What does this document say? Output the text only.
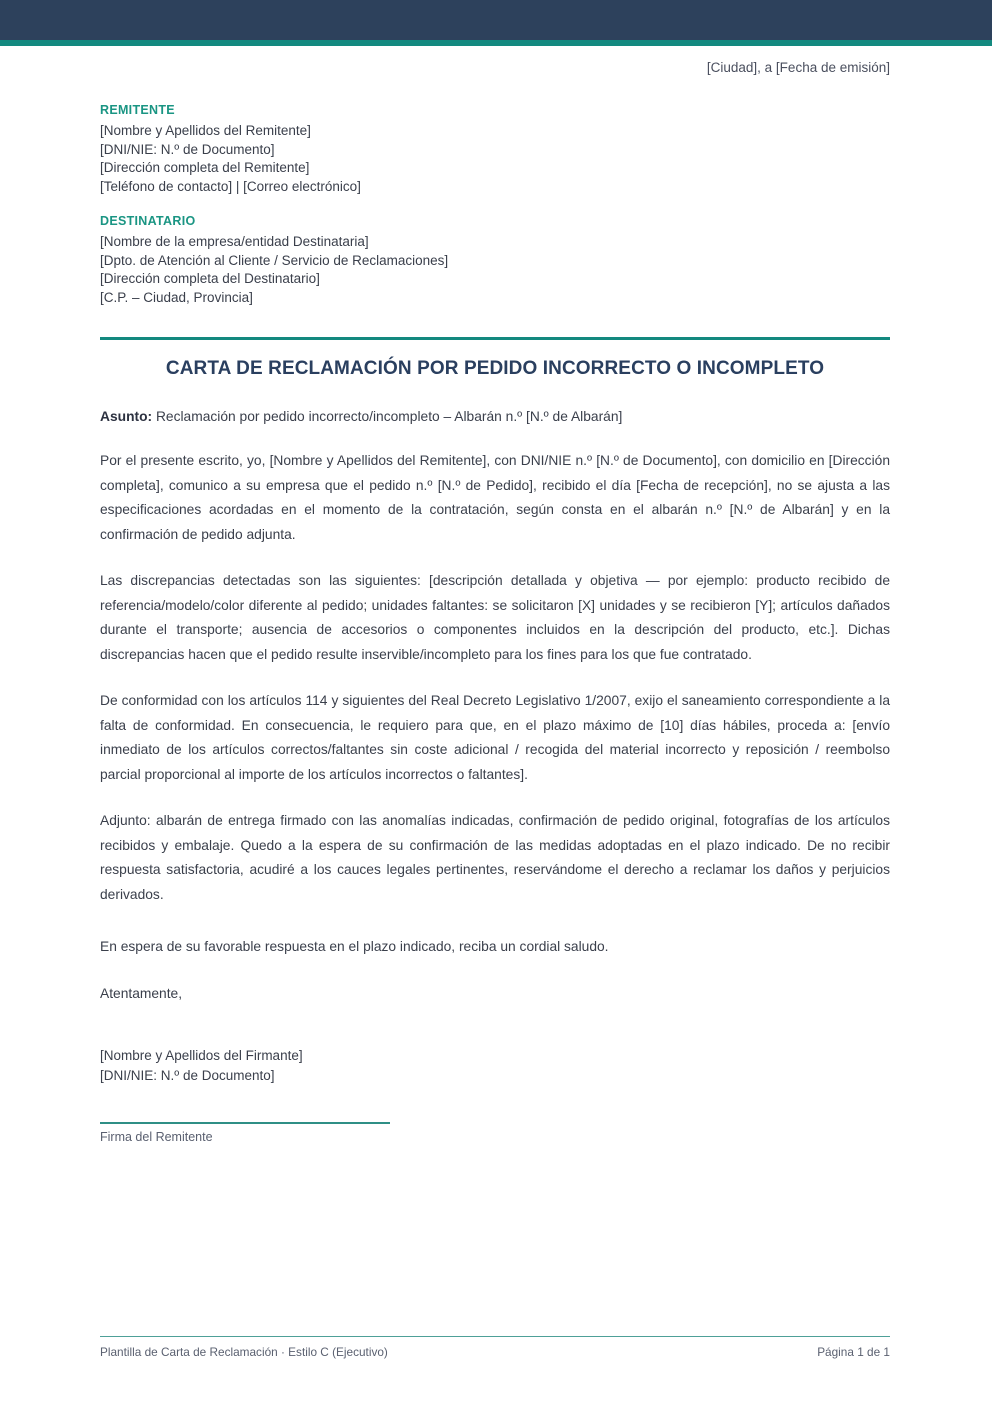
[Ciudad], a [Fecha de emisión]
REMITENTE
[Nombre y Apellidos del Remitente]
[DNI/NIE: N.º de Documento]
[Dirección completa del Remitente]
[Teléfono de contacto] | [Correo electrónico]
DESTINATARIO
[Nombre de la empresa/entidad Destinataria]
[Dpto. de Atención al Cliente / Servicio de Reclamaciones]
[Dirección completa del Destinatario]
[C.P. – Ciudad, Provincia]
CARTA DE RECLAMACIÓN POR PEDIDO INCORRECTO O INCOMPLETO
Asunto: Reclamación por pedido incorrecto/incompleto – Albarán n.º [N.º de Albarán]

Por el presente escrito, yo, [Nombre y Apellidos del Remitente], con DNI/NIE n.º [N.º de Documento], con domicilio en [Dirección completa], comunico a su empresa que el pedido n.º [N.º de Pedido], recibido el día [Fecha de recepción], no se ajusta a las especificaciones acordadas en el momento de la contratación, según consta en el albarán n.º [N.º de Albarán] y en la confirmación de pedido adjunta.

Las discrepancias detectadas son las siguientes: [descripción detallada y objetiva — por ejemplo: producto recibido de referencia/modelo/color diferente al pedido; unidades faltantes: se solicitaron [X] unidades y se recibieron [Y]; artículos dañados durante el transporte; ausencia de accesorios o componentes incluidos en la descripción del producto, etc.]. Dichas discrepancias hacen que el pedido resulte inservible/incompleto para los fines para los que fue contratado.

De conformidad con los artículos 114 y siguientes del Real Decreto Legislativo 1/2007, exijo el saneamiento correspondiente a la falta de conformidad. En consecuencia, le requiero para que, en el plazo máximo de [10] días hábiles, proceda a: [envío inmediato de los artículos correctos/faltantes sin coste adicional / recogida del material incorrecto y reposición / reembolso parcial proporcional al importe de los artículos incorrectos o faltantes].

Adjunto: albarán de entrega firmado con las anomalías indicadas, confirmación de pedido original, fotografías de los artículos recibidos y embalaje. Quedo a la espera de su confirmación de las medidas adoptadas en el plazo indicado. De no recibir respuesta satisfactoria, acudiré a los cauces legales pertinentes, reservándome el derecho a reclamar los daños y perjuicios derivados.

En espera de su favorable respuesta en el plazo indicado, reciba un cordial saludo.
Atentamente,
[Nombre y Apellidos del Firmante]
[DNI/NIE: N.º de Documento]
Firma del Remitente
Plantilla de Carta de Reclamación · Estilo C (Ejecutivo)	Página 1 de 1
